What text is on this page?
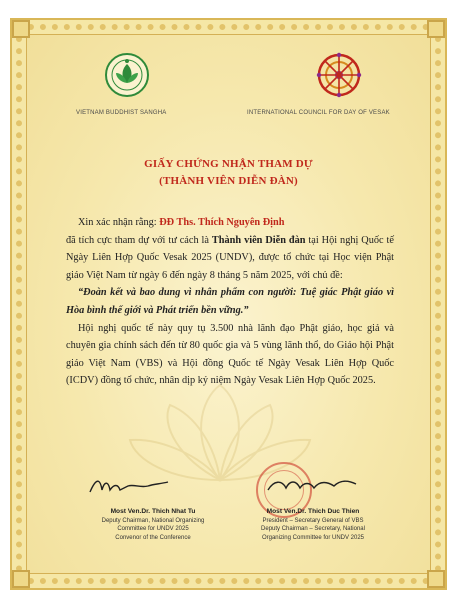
VIETNAM BUDDHIST SANGHA	INTERNATIONAL COUNCIL FOR DAY OF VESAK
GIẤY CHỨNG NHẬN THAM DỰ
(THÀNH VIÊN DIỄN ĐÀN)

Xin xác nhận rằng: ĐĐ Ths. Thích Nguyên Định

đã tích cực tham dự với tư cách là Thành viên Diễn đàn tại Hội nghị Quốc tế Ngày Liên Hợp Quốc Vesak 2025 (UNDV), được tổ chức tại Học viện Phật giáo Việt Nam từ ngày 6 đến ngày 8 tháng 5 năm 2025, với chủ đề:

“Đoàn kết và bao dung vì nhân phẩm con người: Tuệ giác Phật giáo vì Hòa bình thế giới và Phát triển bền vững.”

Hội nghị quốc tế này quy tụ 3.500 nhà lãnh đạo Phật giáo, học giả và chuyên gia chính sách đến từ 80 quốc gia và 5 vùng lãnh thổ, do Giáo hội Phật giáo Việt Nam (VBS) và Hội đồng Quốc tế Ngày Vesak Liên Hợp Quốc (ICDV) đồng tổ chức, nhân dịp kỷ niệm Ngày Vesak Liên Hợp Quốc 2025.

Most Ven.Dr. Thich Nhat Tu
Deputy Chairman, National Organizing
Committee for UNDV 2025
Convenor of the Conference
Most Ven.Dr. Thich Duc Thien
President – Secretary General of VBS
Deputy Chairman – Secretary, National
Organizing Committee for UNDV 2025
